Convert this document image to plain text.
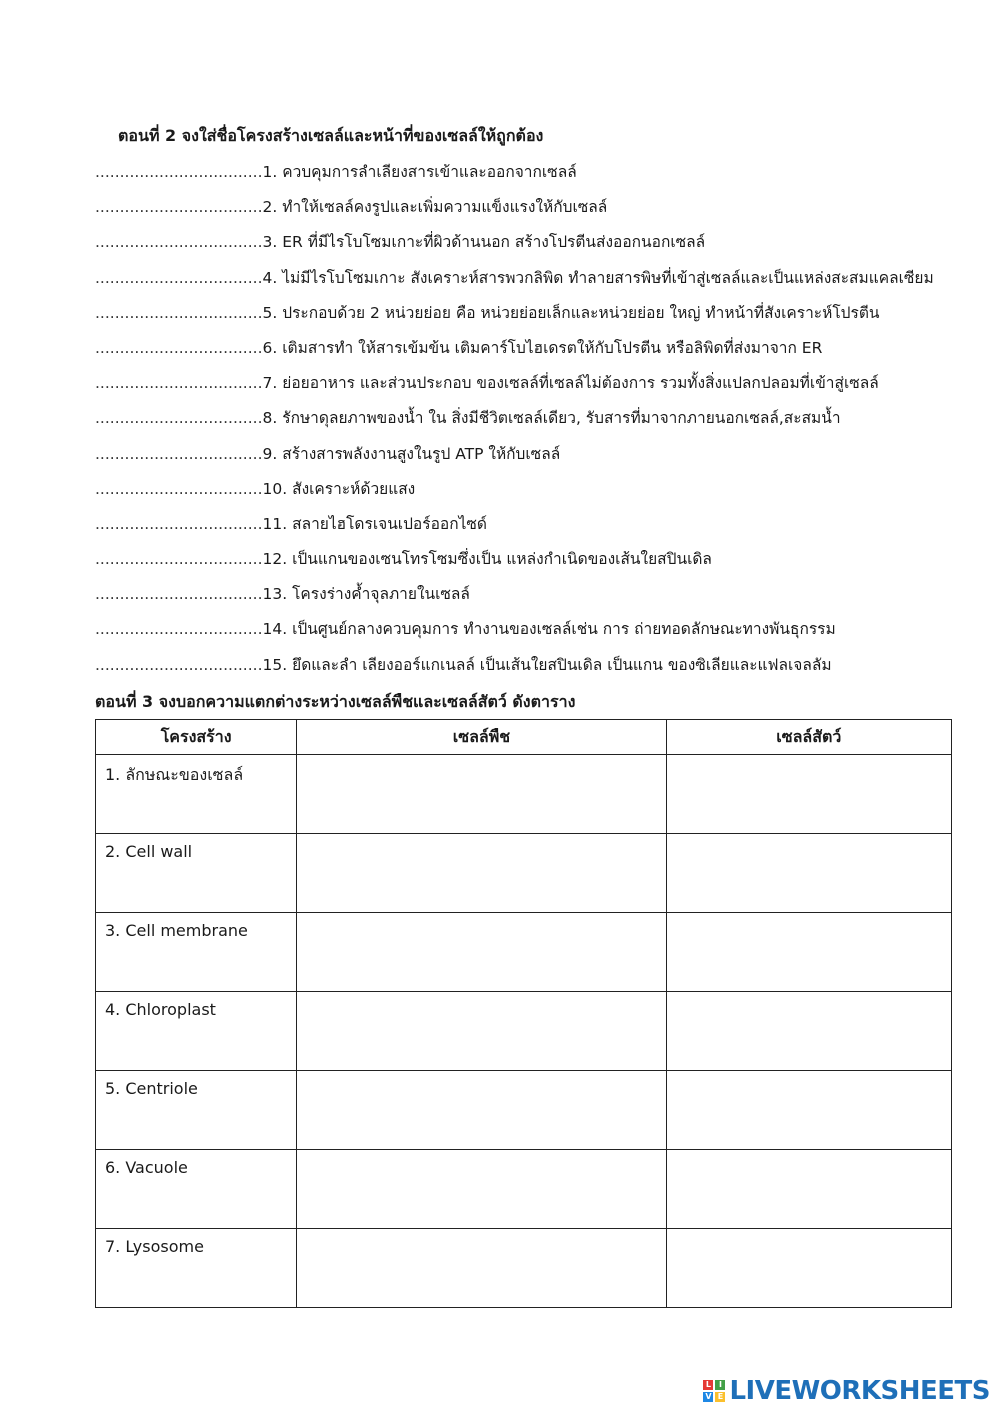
ตอนที่ 2 จงใส่ชื่อโครงสร้างเซลล์และหน้าที่ของเซลล์ให้ถูกต้อง
.................................. 1. ควบคุมการลำเลียงสารเข้าและออกจากเซลล์
.................................. 2. ทำให้เซลล์คงรูปและเพิ่มความแข็งแรงให้กับเซลล์
.................................. 3. ER ที่มีไรโบโซมเกาะที่ผิวด้านนอก สร้างโปรตีนส่งออกนอกเซลล์
.................................. 4. ไม่มีไรโบโซมเกาะ สังเคราะห์สารพวกลิพิด ทำลายสารพิษที่เข้าสู่เซลล์และเป็นแหล่งสะสมแคลเซียม
.................................. 5. ประกอบด้วย 2 หน่วยย่อย คือ หน่วยย่อยเล็กและหน่วยย่อย ใหญ่ ทำหน้าที่สังเคราะห์โปรตีน
.................................. 6. เติมสารทำ ให้สารเข้มข้น เติมคาร์โบไฮเดรตให้กับโปรตีน หรือลิพิดที่ส่งมาจาก ER
.................................. 7. ย่อยอาหาร และส่วนประกอบ ของเซลล์ที่เซลล์ไม่ต้องการ รวมทั้งสิ่งแปลกปลอมที่เข้าสู่เซลล์
.................................. 8. รักษาดุลยภาพของน้ำ ใน สิ่งมีชีวิตเซลล์เดียว, รับสารที่มาจากภายนอกเซลล์,สะสมน้ำ
.................................. 9. สร้างสารพลังงานสูงในรูป ATP ให้กับเซลล์
.................................. 10. สังเคราะห์ด้วยแสง
.................................. 11. สลายไฮโดรเจนเปอร์ออกไซด์
.................................. 12. เป็นแกนของเซนโทรโซมซึ่งเป็น แหล่งกำเนิดของเส้นใยสปินเดิล
.................................. 13. โครงร่างค้ำจุลภายในเซลล์
.................................. 14. เป็นศูนย์กลางควบคุมการ ทำงานของเซลล์เช่น การ ถ่ายทอดลักษณะทางพันธุกรรม
.................................. 15. ยึดและลำ เลียงออร์แกเนลล์ เป็นเส้นใยสปินเดิล เป็นแกน ของซิเลียและแฟลเจลลัม
ตอนที่ 3 จงบอกความแตกต่างระหว่างเซลล์พืชและเซลล์สัตว์ ดังตาราง
โครงสร้าง	เซลล์พืช	เซลล์สัตว์
1. ลักษณะของเซลล์		
2. Cell wall		
3. Cell membrane		
4. Chloroplast		
5. Centriole		
6. Vacuole		
7. Lysosome		
L I
V E LIVEWORKSHEETS
